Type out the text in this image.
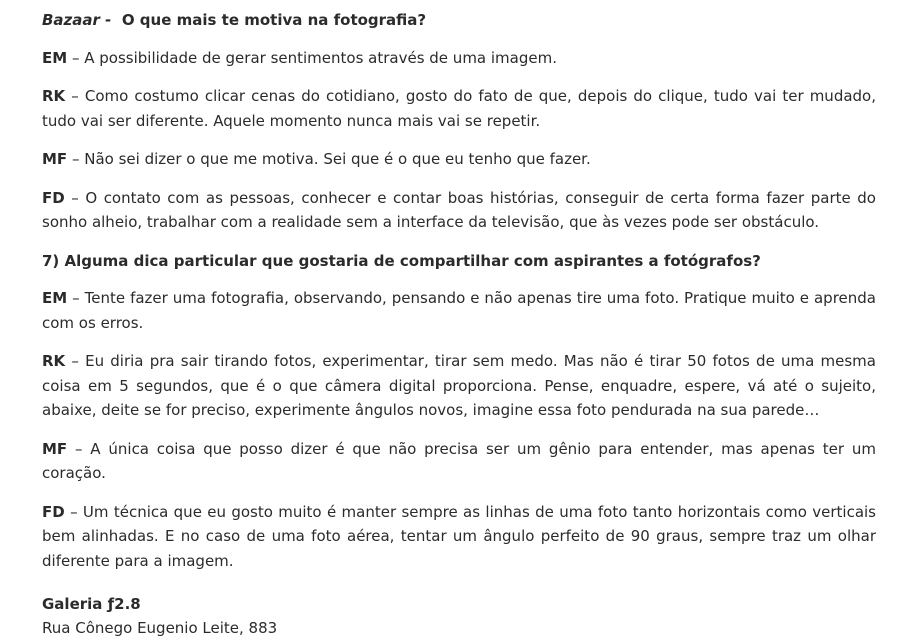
Bazaar - O que mais te motiva na fotografia?

EM – A possibilidade de gerar sentimentos através de uma imagem.

RK – Como costumo clicar cenas do cotidiano, gosto do fato de que, depois do clique, tudo vai ter mudado, tudo vai ser diferente. Aquele momento nunca mais vai se repetir.

MF – Não sei dizer o que me motiva. Sei que é o que eu tenho que fazer.

FD – O contato com as pessoas, conhecer e contar boas histórias, conseguir de certa forma fazer parte do sonho alheio, trabalhar com a realidade sem a interface da televisão, que às vezes pode ser obstáculo.

7) Alguma dica particular que gostaria de compartilhar com aspirantes a fotógrafos?

EM – Tente fazer uma fotografia, observando, pensando e não apenas tire uma foto. Pratique muito e aprenda com os erros.

RK – Eu diria pra sair tirando fotos, experimentar, tirar sem medo. Mas não é tirar 50 fotos de uma mesma coisa em 5 segundos, que é o que câmera digital proporciona. Pense, enquadre, espere, vá até o sujeito, abaixe, deite se for preciso, experimente ângulos novos, imagine essa foto pendurada na sua parede…

MF – A única coisa que posso dizer é que não precisa ser um gênio para entender, mas apenas ter um coração.

FD – Um técnica que eu gosto muito é manter sempre as linhas de uma foto tanto horizontais como verticais bem alinhadas. E no caso de uma foto aérea, tentar um ângulo perfeito de 90 graus, sempre traz um olhar diferente para a imagem.

Galeria ƒ2.8
Rua Cônego Eugenio Leite, 883
